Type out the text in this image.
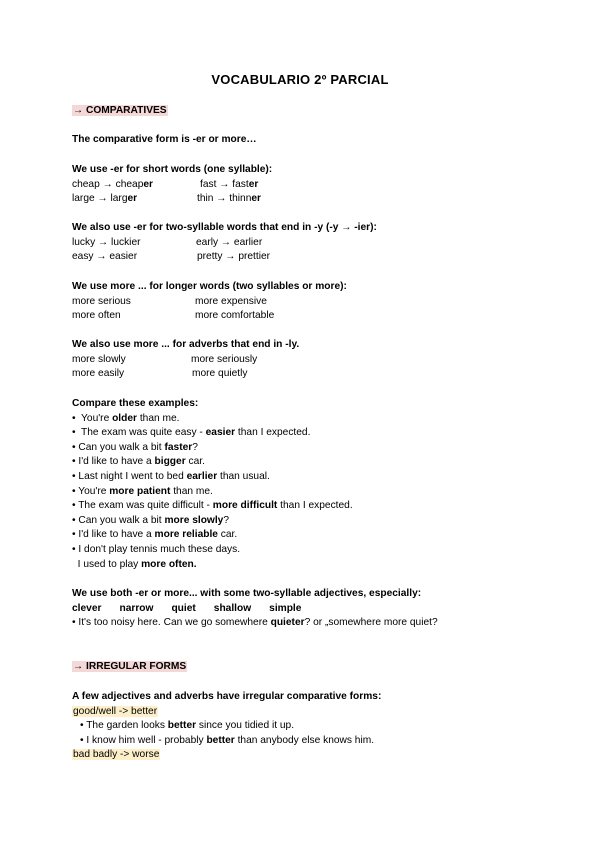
VOCABULARIO 2º PARCIAL
→ COMPARATIVES
The comparative form is -er or more…
We use -er for short words (one syllable):
cheap → cheaper	fast → faster
large → larger	thin → thinner
We also use -er for two-syllable words that end in -y (-y → -ier):
lucky → luckier	early → earlier
easy → easier	pretty → prettier
We use more ... for longer words (two syllables or more):
more serious	more expensive
more often	more comfortable
We also use more ... for adverbs that end in -ly.
more slowly	more seriously
more easily	more quietly
Compare these examples:
•  You're older than me.
•  The exam was quite easy - easier than I expected.
• Can you walk a bit faster?
• I'd like to have a bigger car.
• Last night I went to bed earlier than usual.
• You're more patient than me.
• The exam was quite difficult - more difficult than I expected.
• Can you walk a bit more slowly?
• I'd like to have a more reliable car.
• I don't play tennis much these days.
I used to play more often.
We use both -er or more... with some two-syllable adjectives, especially:
clever narrow quiet shallow simple
• It's too noisy here. Can we go somewhere quieter? or „somewhere more quiet?
→ IRREGULAR FORMS
A few adjectives and adverbs have irregular comparative forms:
good/well -> better
• The garden looks better since you tidied it up.
• I know him well - probably better than anybody else knows him.
bad badly -> worse
